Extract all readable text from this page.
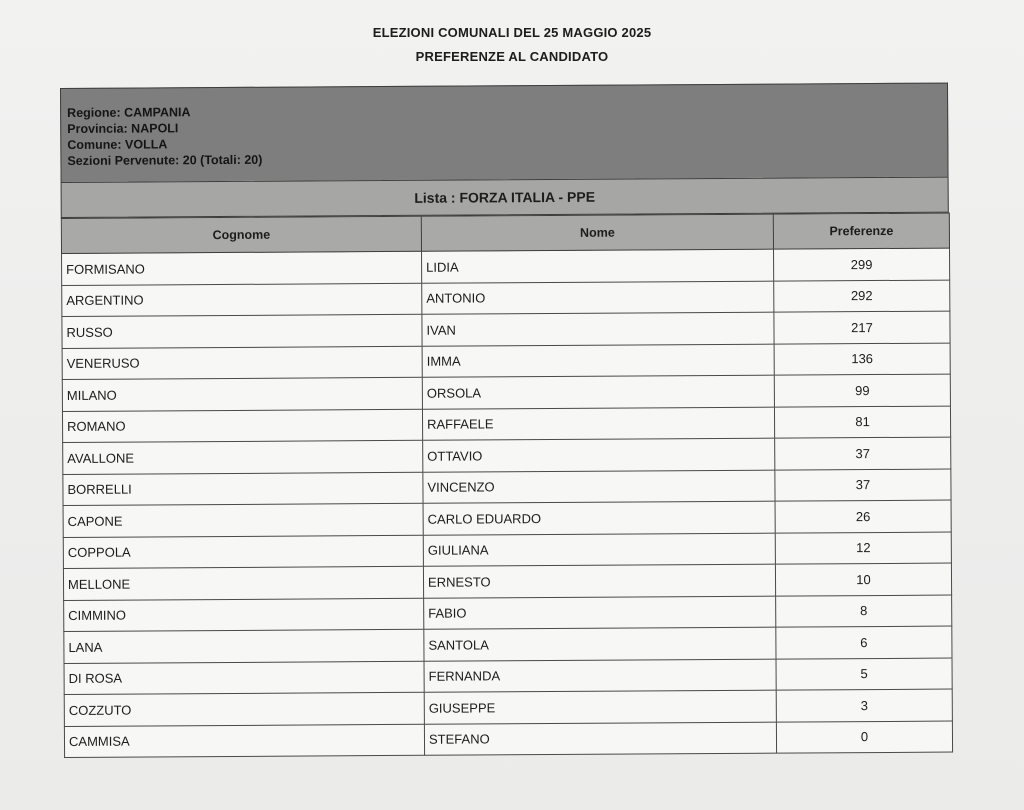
ELEZIONI COMUNALI DEL 25 MAGGIO 2025
PREFERENZE AL CANDIDATO
Regione: CAMPANIA
Provincia: NAPOLI
Comune: VOLLA
Sezioni Pervenute: 20 (Totali: 20)
Lista : FORZA ITALIA - PPE
Cognome	Nome	Preferenze
FORMISANO	LIDIA	299
ARGENTINO	ANTONIO	292
RUSSO	IVAN	217
VENERUSO	IMMA	136
MILANO	ORSOLA	99
ROMANO	RAFFAELE	81
AVALLONE	OTTAVIO	37
BORRELLI	VINCENZO	37
CAPONE	CARLO EDUARDO	26
COPPOLA	GIULIANA	12
MELLONE	ERNESTO	10
CIMMINO	FABIO	8
LANA	SANTOLA	6
DI ROSA	FERNANDA	5
COZZUTO	GIUSEPPE	3
CAMMISA	STEFANO	0
